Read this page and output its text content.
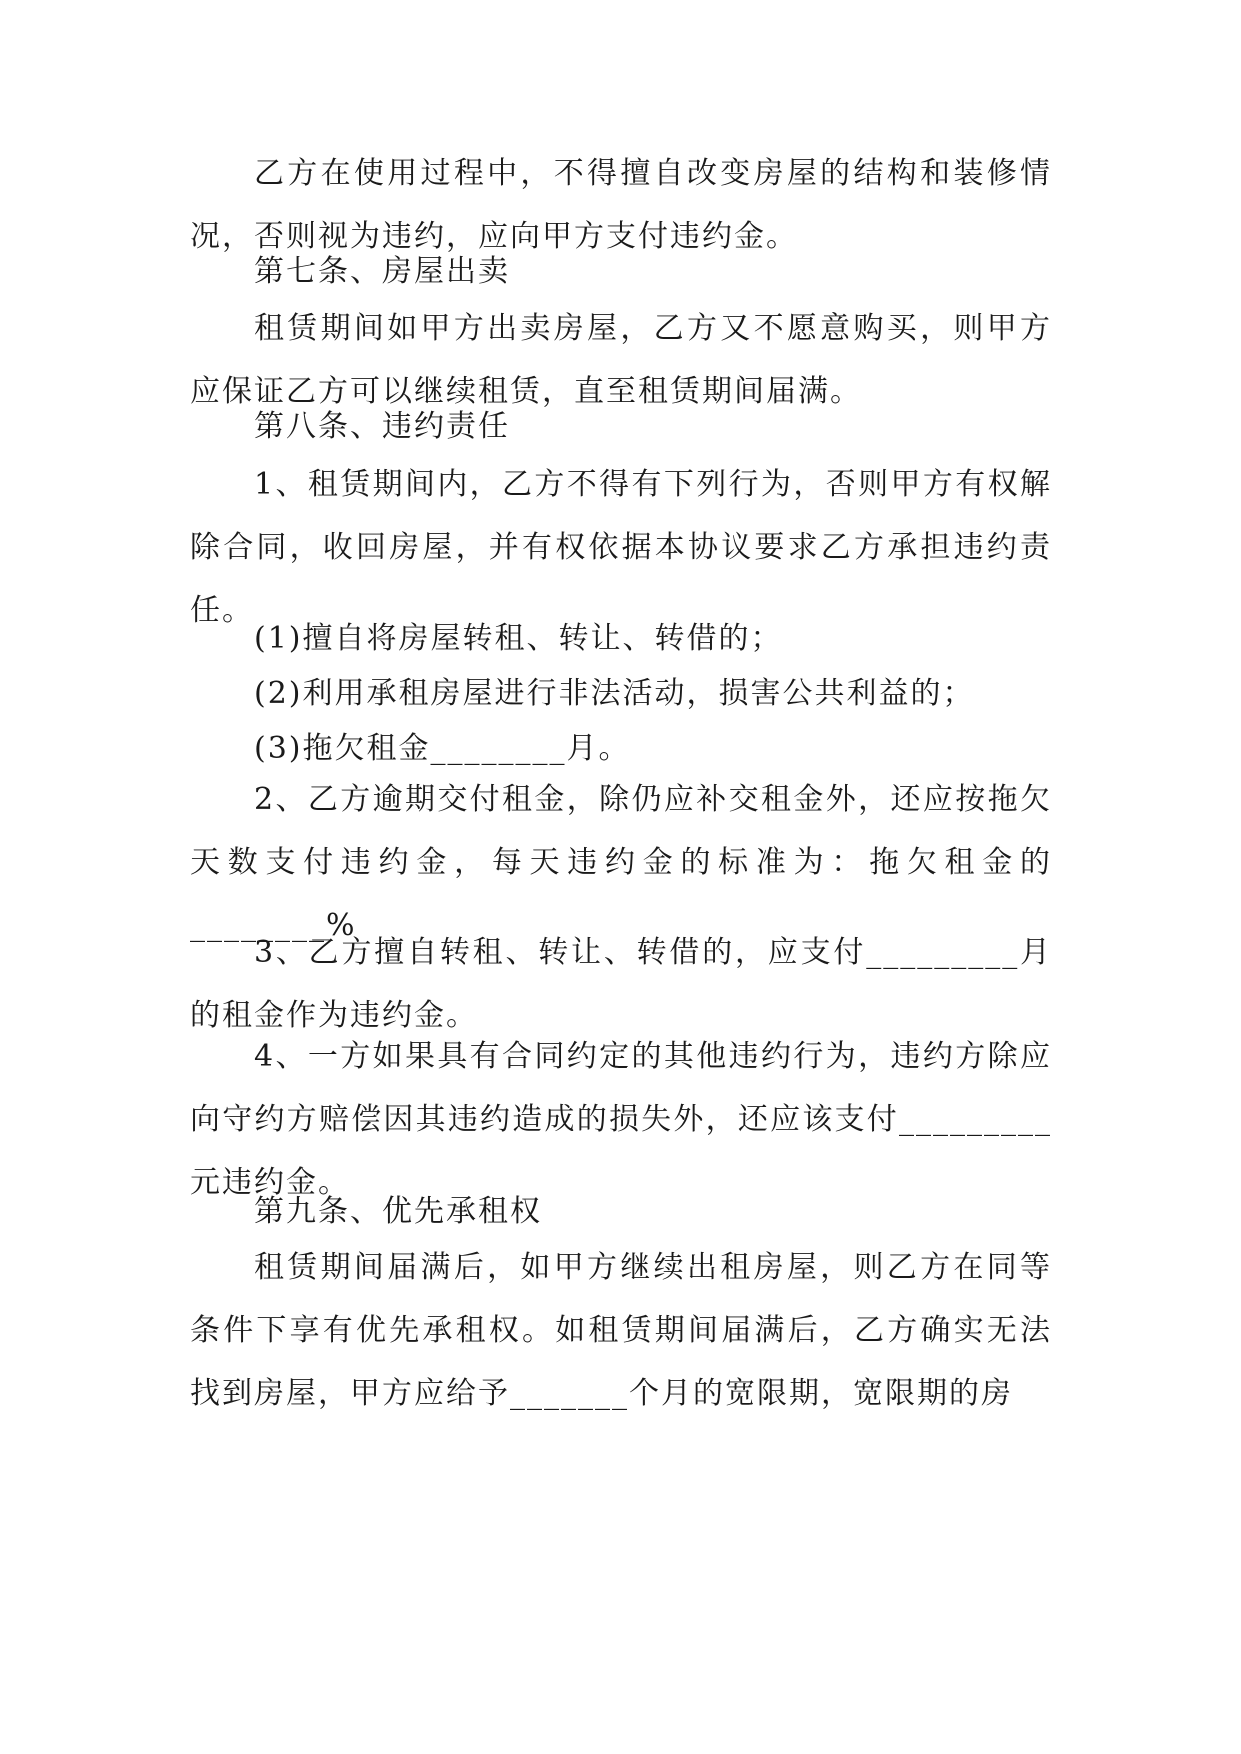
乙方在使用过程中，不得擅自改变房屋的结构和装修情况，否则视为违约，应向甲方支付违约金。

第七条、房屋出卖

租赁期间如甲方出卖房屋，乙方又不愿意购买，则甲方应保证乙方可以继续租赁，直至租赁期间届满。

第八条、违约责任

1、租赁期间内，乙方不得有下列行为，否则甲方有权解除合同，收回房屋，并有权依据本协议要求乙方承担违约责任。

(1)擅自将房屋转租、转让、转借的；

(2)利用承租房屋进行非法活动，损害公共利益的；

(3)拖欠租金________月。

2、乙方逾期交付租金，除仍应补交租金外，还应按拖欠天数支付违约金，每天违约金的标准为：拖欠租金的________%

3、乙方擅自转租、转让、转借的，应支付_________月的租金作为违约金。

4、一方如果具有合同约定的其他违约行为，违约方除应向守约方赔偿因其违约造成的损失外，还应该支付_________元违约金。

第九条、优先承租权

租赁期间届满后，如甲方继续出租房屋，则乙方在同等条件下享有优先承租权。如租赁期间届满后，乙方确实无法找到房屋，甲方应给予_______个月的宽限期，宽限期的房
